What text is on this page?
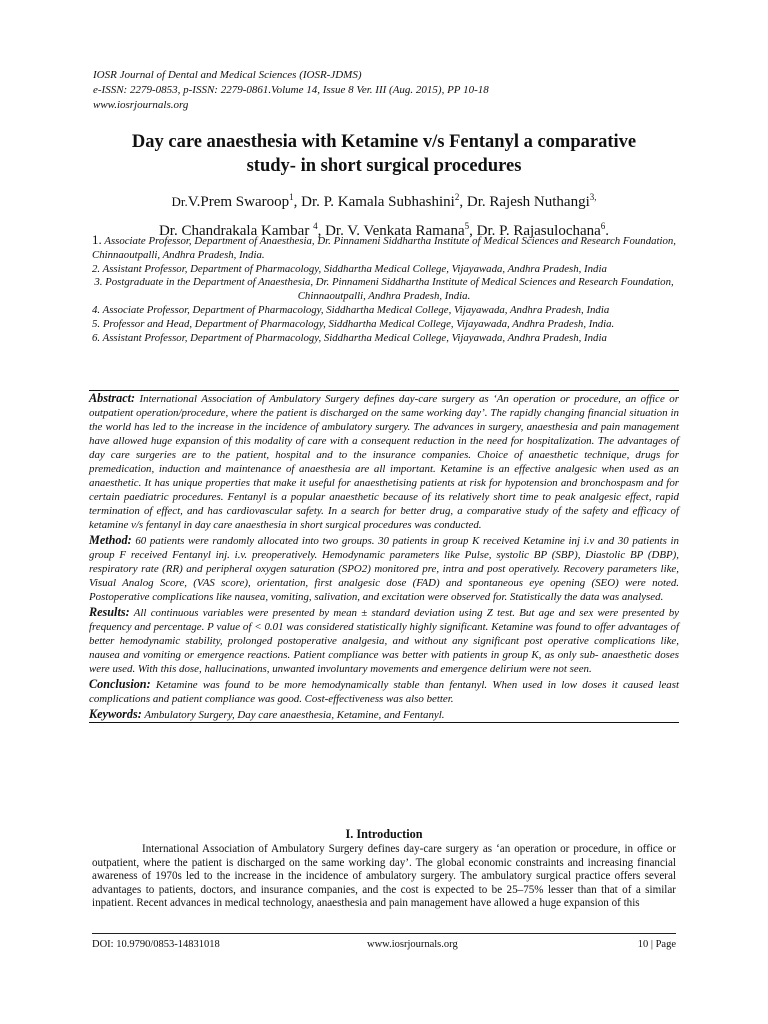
IOSR Journal of Dental and Medical Sciences (IOSR-JDMS)
e-ISSN: 2279-0853, p-ISSN: 2279-0861.Volume 14, Issue 8 Ver. III (Aug. 2015), PP 10-18
www.iosrjournals.org
Day care anaesthesia with Ketamine v/s Fentanyl a comparative
study- in short surgical procedures
Dr.V.Prem Swaroop$^1$, Dr. P. Kamala Subhashini$^2$, Dr. Rajesh Nuthangi$^{3,}$
Dr. Chandrakala Kambar $^4$, Dr. V. Venkata Ramana$^5$, Dr. P. Rajasulochana$^6$.

1. Associate Professor, Department of Anaesthesia, Dr. Pinnameni Siddhartha Institute of Medical Sciences and Research Foundation, Chinnaoutpalli, Andhra Pradesh, India.

2. Assistant Professor, Department of Pharmacology, Siddhartha Medical College, Vijayawada, Andhra Pradesh, India

3. Postgraduate in the Department of Anaesthesia, Dr. Pinnameni Siddhartha Institute of Medical Sciences and Research Foundation, Chinnaoutpalli, Andhra Pradesh, India.

4. Associate Professor, Department of Pharmacology, Siddhartha Medical College, Vijayawada, Andhra Pradesh, India

5. Professor and Head, Department of Pharmacology, Siddhartha Medical College, Vijayawada, Andhra Pradesh, India.

6. Assistant Professor, Department of Pharmacology, Siddhartha Medical College, Vijayawada, Andhra Pradesh, India

Abstract: International Association of Ambulatory Surgery defines day-care surgery as ‘An operation or procedure, an office or outpatient operation/procedure, where the patient is discharged on the same working day’. The rapidly changing financial situation in the world has led to the increase in the incidence of ambulatory surgery. The advances in surgery, anaesthesia and pain management have allowed huge expansion of this modality of care with a consequent reduction in the need for hospitalization. The advantages of day care surgeries are to the patient, hospital and to the insurance companies. Choice of anaesthetic technique, drugs for premedication, induction and maintenance of anaesthesia are all important. Ketamine is an effective analgesic when used as an anaesthetic. It has unique properties that make it useful for anaesthetising patients at risk for hypotension and bronchospasm and for certain paediatric procedures. Fentanyl is a popular anaesthetic because of its relatively short time to peak analgesic effect, rapid termination of effect, and has cardiovascular safety. In a search for better drug, a comparative study of the safety and efficacy of ketamine v/s fentanyl in day care anaesthesia in short surgical procedures was conducted.

Method: 60 patients were randomly allocated into two groups. 30 patients in group K received Ketamine inj i.v and 30 patients in group F received Fentanyl inj. i.v. preoperatively. Hemodynamic parameters like Pulse, systolic BP (SBP), Diastolic BP (DBP), respiratory rate (RR) and peripheral oxygen saturation (SPO2) monitored pre, intra and post operatively. Recovery parameters like, Visual Analog Score, (VAS score), orientation, first analgesic dose (FAD) and spontaneous eye opening (SEO) were noted. Postoperative complications like nausea, vomiting, salivation, and excitation were observed for. Statistically the data was analysed.

Results: All continuous variables were presented by mean ± standard deviation using Z test. But age and sex were presented by frequency and percentage. P value of < 0.01 was considered statistically highly significant. Ketamine was found to offer advantages of better hemodynamic stability, prolonged postoperative analgesia, and without any significant post operative complications like, nausea and vomiting or emergence reactions. Patient compliance was better with patients in group K, as only sub- anaesthetic doses were used. With this dose, hallucinations, unwanted involuntary movements and emergence delirium were not seen.

Conclusion: Ketamine was found to be more hemodynamically stable than fentanyl. When used in low doses it caused least complications and patient compliance was good. Cost-effectiveness was also better.

Keywords: Ambulatory Surgery, Day care anaesthesia, Ketamine, and Fentanyl.

I. Introduction

International Association of Ambulatory Surgery defines day-care surgery as ‘an operation or procedure, in office or outpatient, where the patient is discharged on the same working day’. The global economic constraints and increasing financial awareness of 1970s led to the increase in the incidence of ambulatory surgery. The ambulatory surgical practice offers several advantages to patients, doctors, and insurance companies, and the cost is expected to be 25–75% lesser than that of a similar inpatient. Recent advances in medical technology, anaesthesia and pain management have allowed a huge expansion of this

DOI: 10.9790/0853-14831018	www.iosrjournals.org	10 | Page
